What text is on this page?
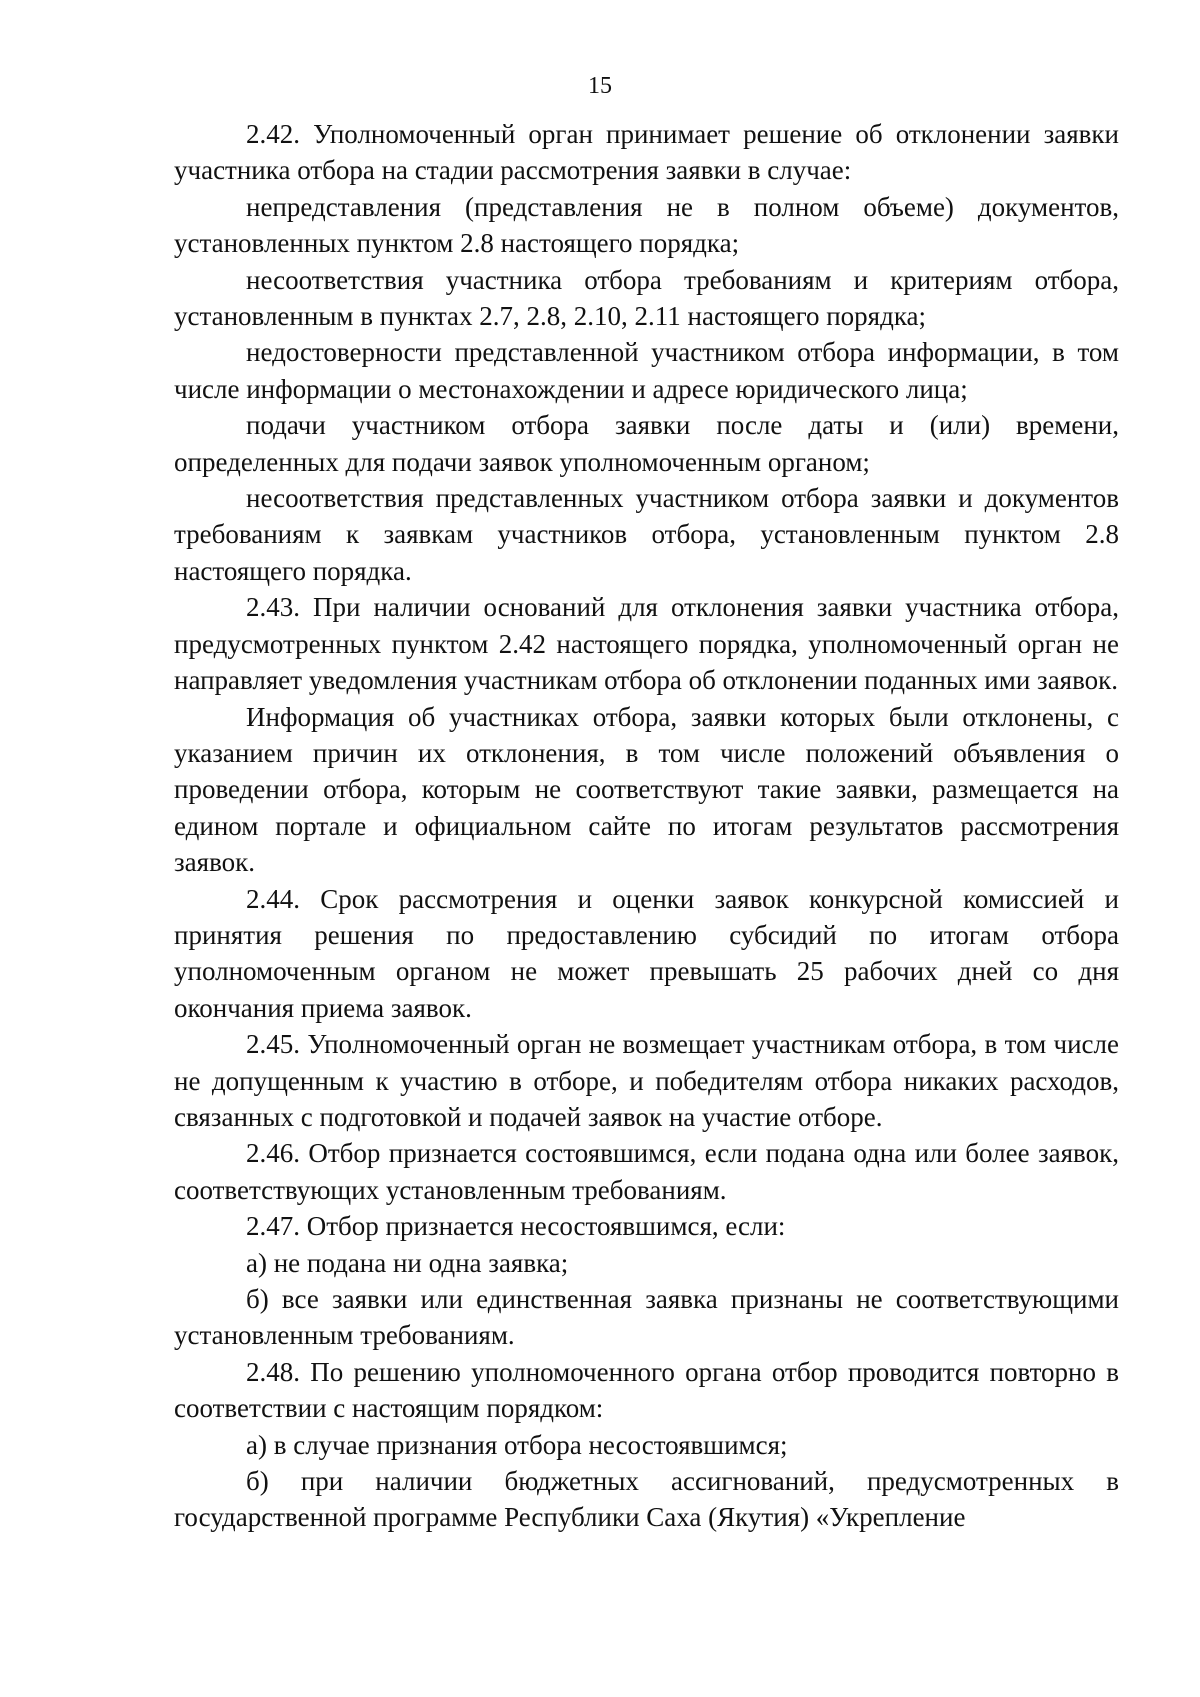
15

2.42. Уполномоченный орган принимает решение об отклонении заявки участника отбора на стадии рассмотрения заявки в случае:

непредставления (представления не в полном объеме) документов, установленных пунктом 2.8 настоящего порядка;

несоответствия участника отбора требованиям и критериям отбора, установленным в пунктах 2.7, 2.8, 2.10, 2.11 настоящего порядка;

недостоверности представленной участником отбора информации, в том числе информации о местонахождении и адресе юридического лица;

подачи участником отбора заявки после даты и (или) времени, определенных для подачи заявок уполномоченным органом;

несоответствия представленных участником отбора заявки и документов требованиям к заявкам участников отбора, установленным пунктом 2.8 настоящего порядка.

2.43. При наличии оснований для отклонения заявки участника отбора, предусмотренных пунктом 2.42 настоящего порядка, уполномоченный орган не направляет уведомления участникам отбора об отклонении поданных ими заявок.

Информация об участниках отбора, заявки которых были отклонены, с указанием причин их отклонения, в том числе положений объявления о проведении отбора, которым не соответствуют такие заявки, размещается на едином портале и официальном сайте по итогам результатов рассмотрения заявок.

2.44. Срок рассмотрения и оценки заявок конкурсной комиссией и принятия решения по предоставлению субсидий по итогам отбора уполномоченным органом не может превышать 25 рабочих дней со дня окончания приема заявок.

2.45. Уполномоченный орган не возмещает участникам отбора, в том числе не допущенным к участию в отборе, и победителям отбора никаких расходов, связанных с подготовкой и подачей заявок на участие отборе.

2.46. Отбор признается состоявшимся, если подана одна или более заявок, соответствующих установленным требованиям.

2.47. Отбор признается несостоявшимся, если:

а) не подана ни одна заявка;

б) все заявки или единственная заявка признаны не соответствующими установленным требованиям.

2.48. По решению уполномоченного органа отбор проводится повторно в соответствии с настоящим порядком:

а) в случае признания отбора несостоявшимся;

б) при наличии бюджетных ассигнований, предусмотренных в государственной программе Республики Саха (Якутия) «Укрепление
